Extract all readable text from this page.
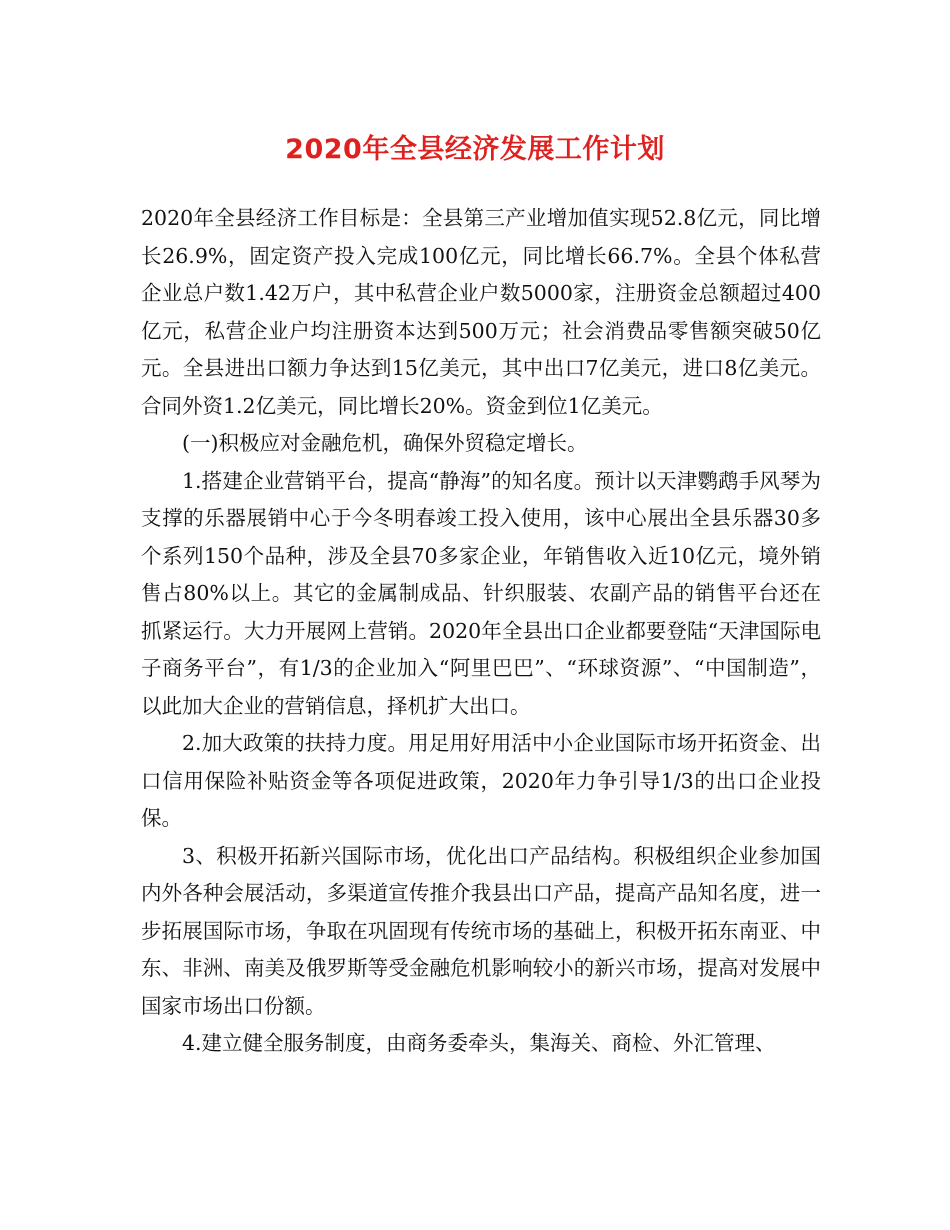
2020年全县经济发展工作计划

2020年全县经济工作目标是：全县第三产业增加值实现52.8亿元，同比增长26.9%，固定资产投入完成100亿元，同比增长66.7%。全县个体私营企业总户数1.42万户，其中私营企业户数5000家，注册资金总额超过400亿元，私营企业户均注册资本达到500万元；社会消费品零售额突破50亿元。全县进出口额力争达到15亿美元，其中出口7亿美元，进口8亿美元。合同外资1.2亿美元，同比增长20%。资金到位1亿美元。

(一)积极应对金融危机，确保外贸稳定增长。

1.搭建企业营销平台，提高“静海”的知名度。预计以天津鹦鹉手风琴为支撑的乐器展销中心于今冬明春竣工投入使用，该中心展出全县乐器30多个系列150个品种，涉及全县70多家企业，年销售收入近10亿元，境外销售占80%以上。其它的金属制成品、针织服装、农副产品的销售平台还在抓紧运行。大力开展网上营销。2020年全县出口企业都要登陆“天津国际电子商务平台”，有1/3的企业加入“阿里巴巴”、“环球资源”、“中国制造”，以此加大企业的营销信息，择机扩大出口。

2.加大政策的扶持力度。用足用好用活中小企业国际市场开拓资金、出口信用保险补贴资金等各项促进政策，2020年力争引导1/3的出口企业投保。

3、积极开拓新兴国际市场，优化出口产品结构。积极组织企业参加国内外各种会展活动，多渠道宣传推介我县出口产品，提高产品知名度，进一步拓展国际市场，争取在巩固现有传统市场的基础上，积极开拓东南亚、中东、非洲、南美及俄罗斯等受金融危机影响较小的新兴市场，提高对发展中国家市场出口份额。

4.建立健全服务制度，由商务委牵头，集海关、商检、外汇管理、
